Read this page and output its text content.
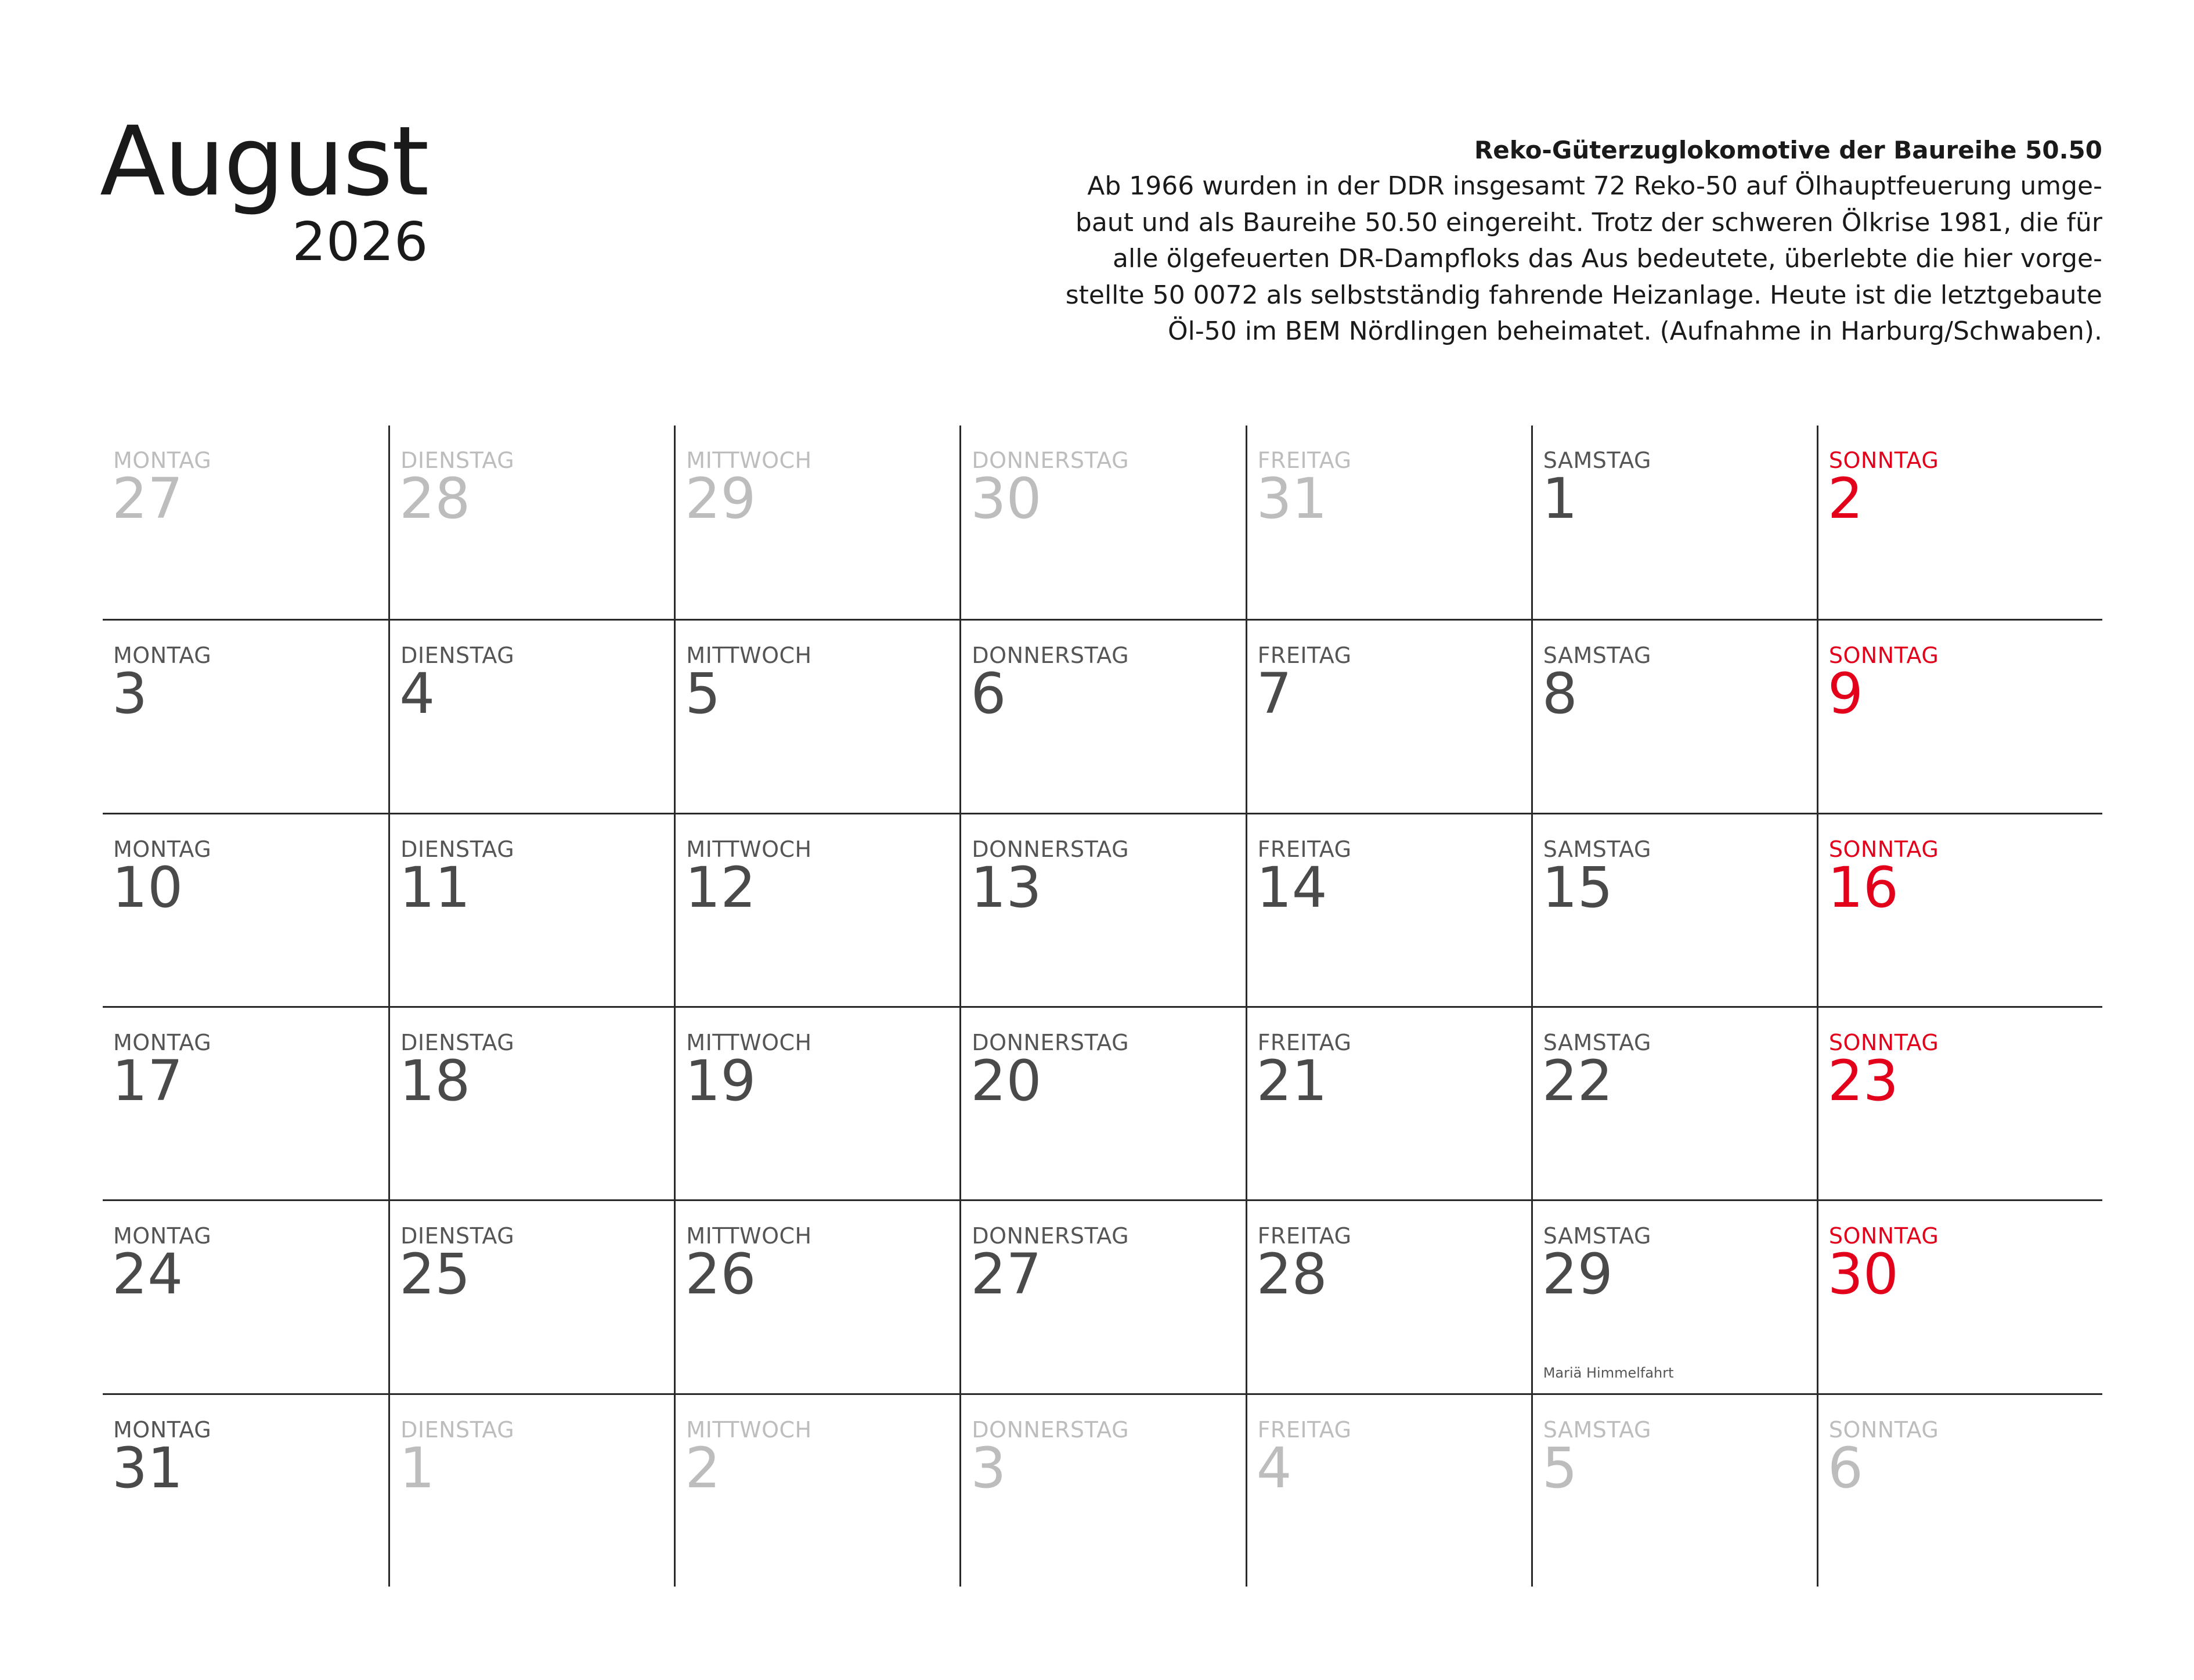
August
2026
Reko-Güterzuglokomotive der Baureihe 50.50
Ab 1966 wurden in der DDR insgesamt 72 Reko-50 auf Ölhauptfeuerung umge-
baut und als Baureihe 50.50 eingereiht. Trotz der schweren Ölkrise 1981, die für
alle ölgefeuerten DR-Dampfloks das Aus bedeutete, überlebte die hier vorge-
stellte 50 0072 als selbstständig fahrende Heizanlage. Heute ist die letztgebaute
Öl-50 im BEM Nördlingen beheimatet. (Aufnahme in Harburg/Schwaben).
MONTAG
27
DIENSTAG
28
MITTWOCH
29
DONNERSTAG
30
FREITAG
31
SAMSTAG
1
SONNTAG
2
MONTAG
3
DIENSTAG
4
MITTWOCH
5
DONNERSTAG
6
FREITAG
7
SAMSTAG
8
SONNTAG
9
MONTAG
10
DIENSTAG
11
MITTWOCH
12
DONNERSTAG
13
FREITAG
14
SAMSTAG
15
Mariä Himmelfahrt
SONNTAG
16
MONTAG
17
DIENSTAG
18
MITTWOCH
19
DONNERSTAG
20
FREITAG
21
SAMSTAG
22
SONNTAG
23
MONTAG
24
DIENSTAG
25
MITTWOCH
26
DONNERSTAG
27
FREITAG
28
SAMSTAG
29
SONNTAG
30
MONTAG
31
DIENSTAG
1
MITTWOCH
2
DONNERSTAG
3
FREITAG
4
SAMSTAG
5
SONNTAG
6
